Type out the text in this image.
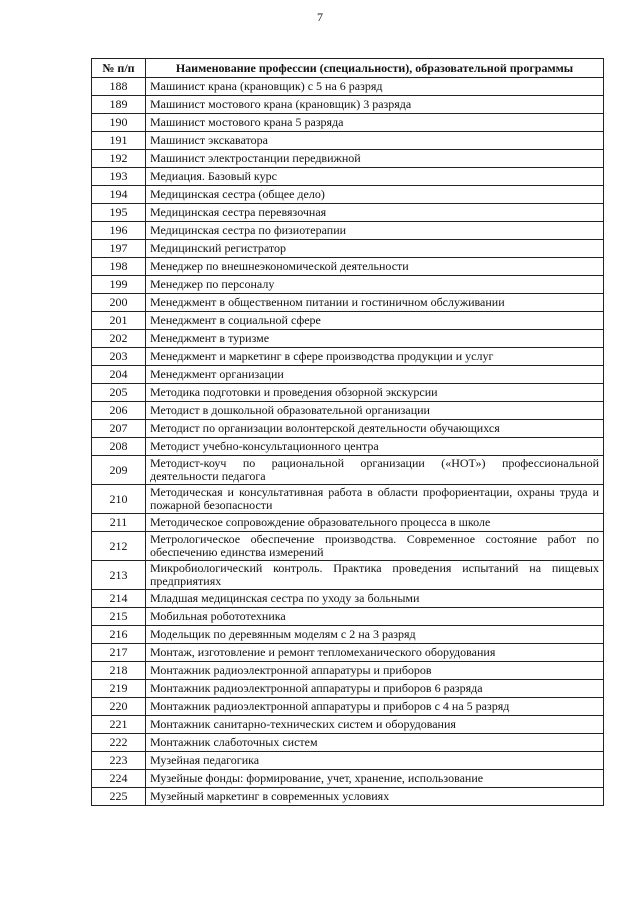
7
№ п/п	Наименование профессии (специальности), образовательной программы
188	Машинист крана (крановщик) с 5 на 6 разряд
189	Машинист мостового крана (крановщик) 3 разряда
190	Машинист мостового крана 5 разряда
191	Машинист экскаватора
192	Машинист электростанции передвижной
193	Медиация. Базовый курс
194	Медицинская сестра (общее дело)
195	Медицинская сестра перевязочная
196	Медицинская сестра по физиотерапии
197	Медицинский регистратор
198	Менеджер по внешнеэкономической деятельности
199	Менеджер по персоналу
200	Менеджмент в общественном питании и гостиничном обслуживании
201	Менеджмент в социальной сфере
202	Менеджмент в туризме
203	Менеджмент и маркетинг в сфере производства продукции и услуг
204	Менеджмент организации
205	Методика подготовки и проведения обзорной экскурсии
206	Методист в дошкольной образовательной организации
207	Методист по организации волонтерской деятельности обучающихся
208	Методист учебно-консультационного центра
209	Методист-коуч по рациональной организации («НОТ») профессиональной деятельности педагога
210	Методическая и консультативная работа в области профориентации, охраны труда и пожарной безопасности
211	Методическое сопровождение образовательного процесса в школе
212	Метрологическое обеспечение производства. Современное состояние работ по обеспечению единства измерений
213	Микробиологический контроль. Практика проведения испытаний на пищевых предприятиях
214	Младшая медицинская сестра по уходу за больными
215	Мобильная робототехника
216	Модельщик по деревянным моделям с 2 на 3 разряд
217	Монтаж, изготовление и ремонт тепломеханического оборудования
218	Монтажник радиоэлектронной аппаратуры и приборов
219	Монтажник радиоэлектронной аппаратуры и приборов 6 разряда
220	Монтажник радиоэлектронной аппаратуры и приборов с 4 на 5 разряд
221	Монтажник санитарно-технических систем и оборудования
222	Монтажник слаботочных систем
223	Музейная педагогика
224	Музейные фонды: формирование, учет, хранение, использование
225	Музейный маркетинг в современных условиях
